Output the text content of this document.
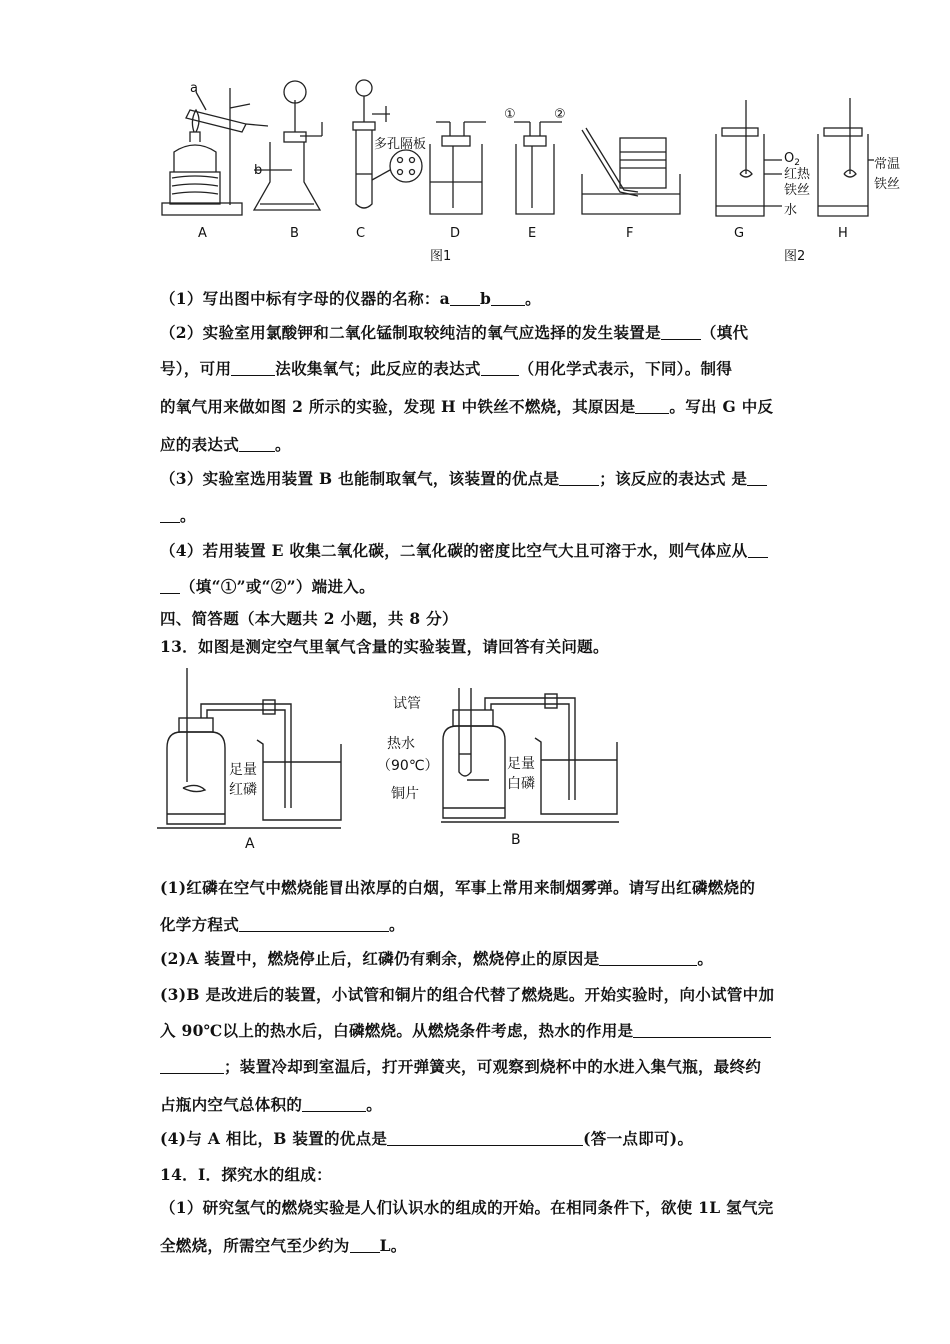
a
b
多孔隔板
①	②
$O_2$
红热
铁丝
水
常温
铁丝
A	B	C	D	E	F	G	H
图1	图2
（1）写出图中标有字母的仪器的名称：a b 。
（2）实验室用氯酸钾和二氧化锰制取较纯洁的氧气应选择的发生装置是	（填代
号），可用	法收集氧气；此反应的表达式 （用化学式表示，下同）。制得
的氧气用来做如图 2 所示的实验，发现 H 中铁丝不燃烧，其原因是 。写出 G 中反
应的表达式 。
（3）实验室选用装置 B 也能制取氧气，该装置的优点是	；该反应的表达式 是
。
（4）若用装置 E 收集二氧化碳，二氧化碳的密度比空气大且可溶于水，则气体应从
（填“①”或“②”）端进入。
四、简答题（本大题共 2 小题，共 8 分）
13．如图是测定空气里氧气含量的实验装置，请回答有关问题。
足量
红磷
A
试管
热水
（90℃）	足量
白磷
铜片
B
(1)红磷在空气中燃烧能冒出浓厚的白烟，军事上常用来制烟雾弹。请写出红磷燃烧的
化学方程式	。
(2)A 装置中，燃烧停止后，红磷仍有剩余，燃烧停止的原因是	。
(3)B 是改进后的装置，小试管和铜片的组合代替了燃烧匙。开始实验时，向小试管中加
入 90℃以上的热水后，白磷燃烧。从燃烧条件考虑，热水的作用是
；装置冷却到室温后，打开弹簧夹，可观察到烧杯中的水进入集气瓶，最终约
占瓶内空气总体积的	。
(4)与 A 相比，B 装置的优点是	(答一点即可)。
14．I．探究水的组成：
（1）研究氢气的燃烧实验是人们认识水的组成的开始。在相同条件下，欲使 1L 氢气完
全燃烧，所需空气至少约为 L。
